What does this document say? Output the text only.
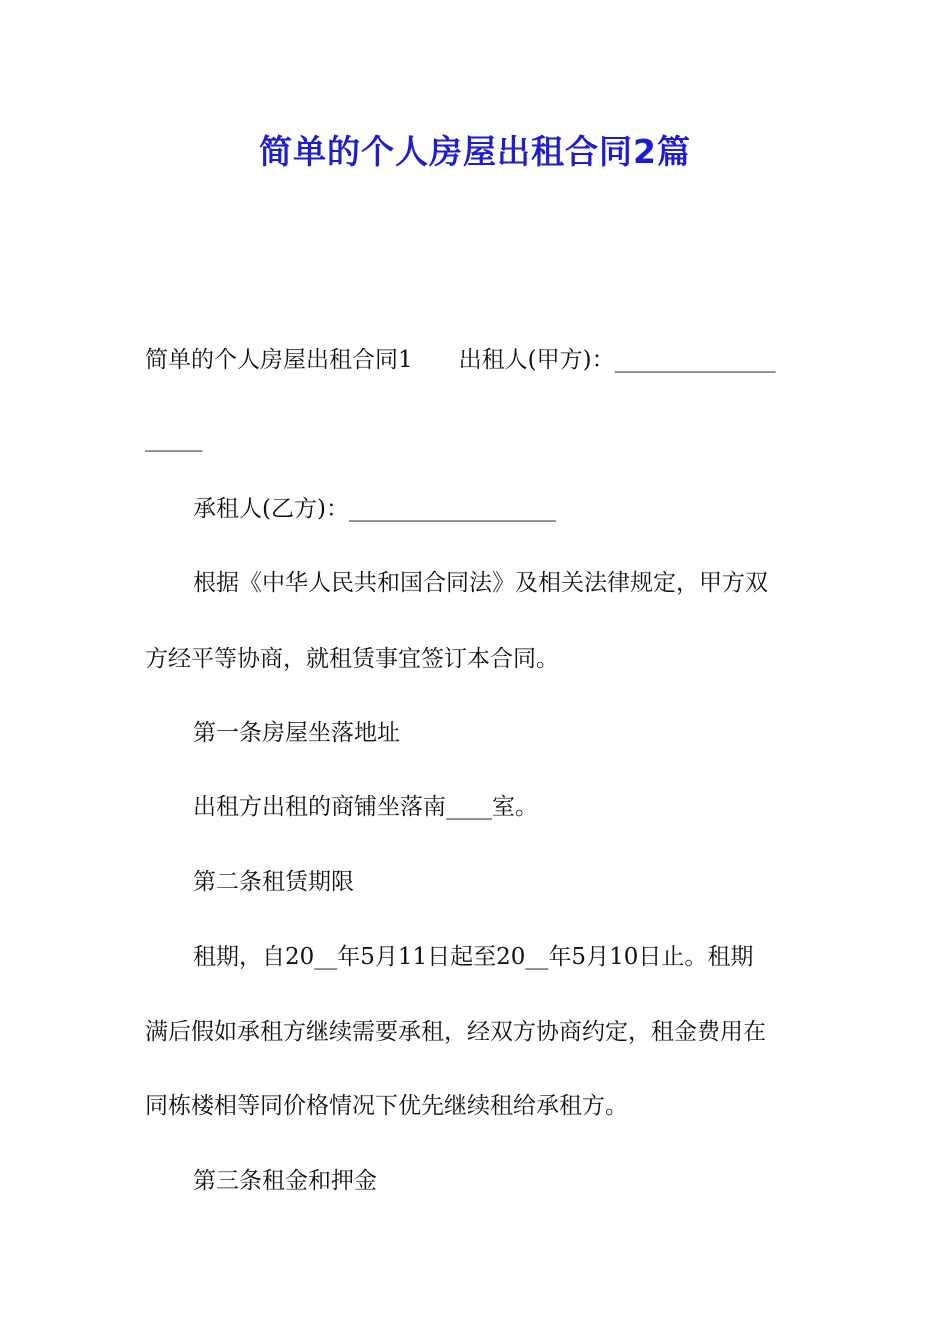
简单的个人房屋出租合同2篇
简单的个人房屋出租合同1　　出租人(甲方)：______________
_____
承租人(乙方)：__________________
根据《中华人民共和国合同法》及相关法律规定，甲方双
方经平等协商，就租赁事宜签订本合同。
第一条房屋坐落地址
出租方出租的商铺坐落南____室。
第二条租赁期限
租期，自20__年5月11日起至20__年5月10日止。租期
满后假如承租方继续需要承租，经双方协商约定，租金费用在
同栋楼相等同价格情况下优先继续租给承租方。
第三条租金和押金
